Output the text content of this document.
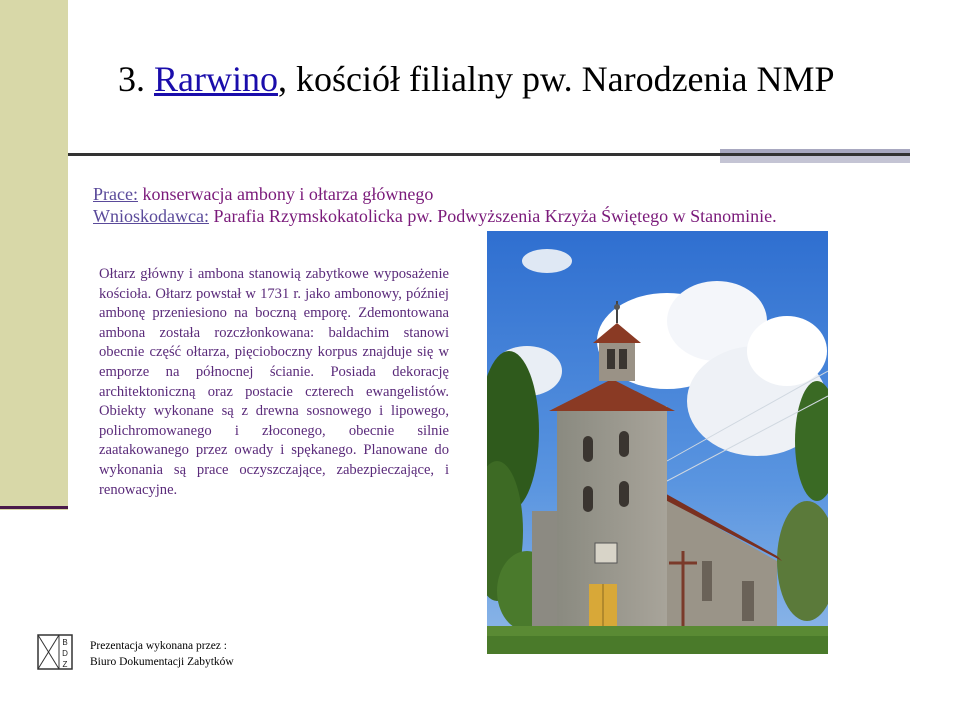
3. Rarwino, kościół filialny pw. Narodzenia NMP
Prace: konserwacja ambony i ołtarza głównego
Wnioskodawca: Parafia Rzymskokatolicka pw. Podwyższenia Krzyża Świętego w Stanominie.
Ołtarz główny i ambona stanowią zabytkowe wyposażenie kościoła. Ołtarz powstał w 1731 r. jako ambonowy, później ambonę przeniesiono na boczną emporę. Zdemontowana ambona została rozczłonkowana: baldachim stanowi obecnie część ołtarza, pięcioboczny korpus znajduje się w emporze na północnej ścianie. Posiada dekorację architektoniczną oraz postacie czterech ewangelistów. Obiekty wykonane są z drewna sosnowego i lipowego, polichromowanego i złoconego, obecnie silnie zaatakowanego przez owady i spękanego. Planowane do wykonania są prace oczyszczające, zabezpieczające, i renowacyjne.
B
D
Z
Prezentacja wykonana przez :
Biuro Dokumentacji Zabytków
